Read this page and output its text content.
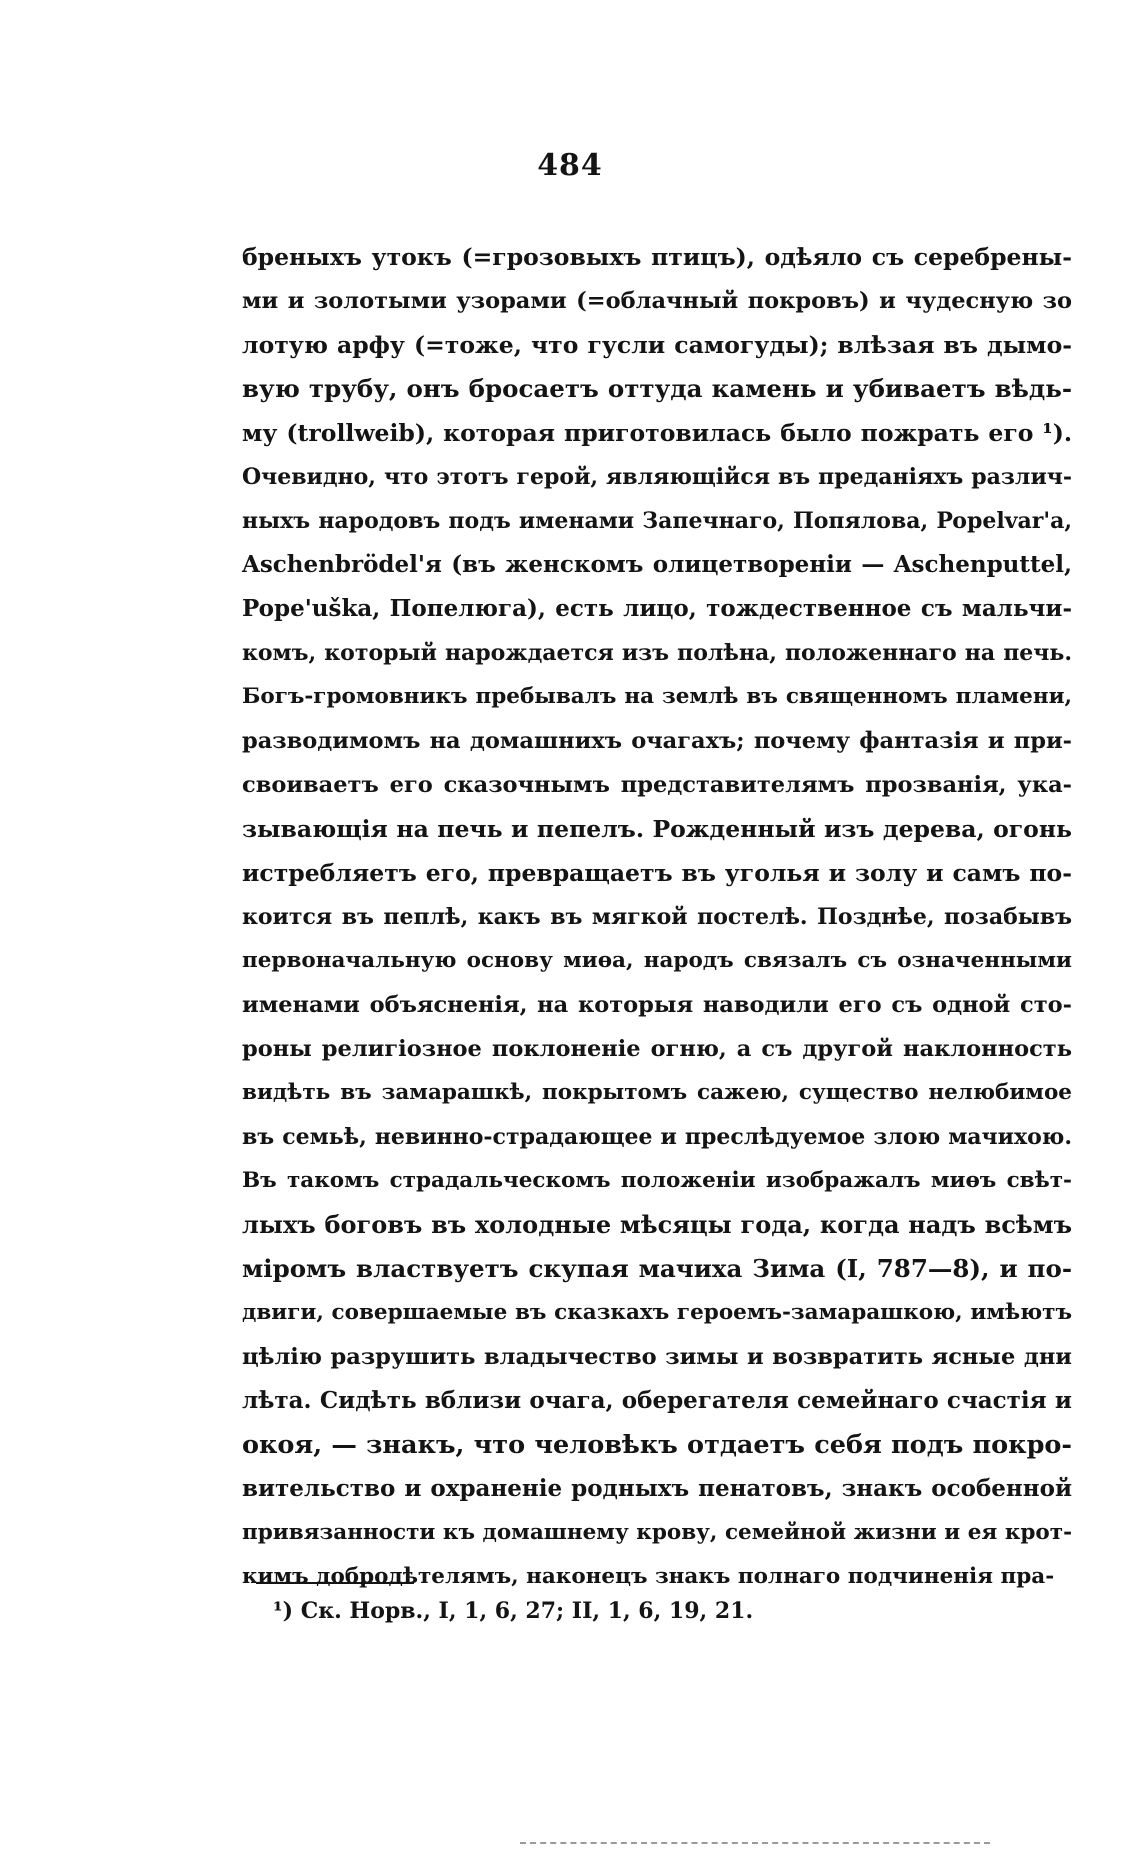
484
бреныхъ утокъ (=грозовыхъ птицъ), одѣяло съ серебрены-
ми и золотыми узорами (=облачный покровъ) и чудесную зо
лотую арфу (=тоже, что гусли самогуды); влѣзая въ дымо-
вую трубу, онъ бросаетъ оттуда камень и убиваетъ вѣдь-
му (trollweib), которая приготовилась было пожрать его ¹).
Очевидно, что этотъ герой, являющійся въ преданіяхъ различ-
ныхъ народовъ подъ именами Запечнаго, Попялова, Popelvar'a,
Aschenbrödel'я (въ женскомъ олицетвореніи — Aschenputtel,
Pope'uška, Попелюга), есть лицо, тождественное съ мальчи-
комъ, который нарождается изъ полѣна, положеннаго на печь.
Богъ-громовникъ пребывалъ на землѣ въ священномъ пламени,
разводимомъ на домашнихъ очагахъ; почему фантазія и при-
своиваетъ его сказочнымъ представителямъ прозванія, ука-
зывающія на печь и пепелъ. Рожденный изъ дерева, огонь
истребляетъ его, превращаетъ въ уголья и золу и самъ по-
коится въ пеплѣ, какъ въ мягкой постелѣ. Позднѣе, позабывъ
первоначальную основу миөа, народъ связалъ съ означенными
именами объясненія, на которыя наводили его съ одной сто-
роны религіозное поклоненіе огню, а съ другой наклонность
видѣть въ замарашкѣ, покрытомъ сажею, существо нелюбимое
въ семьѣ, невинно-страдающее и преслѣдуемое злою мачихою.
Въ такомъ страдальческомъ положеніи изображалъ миөъ свѣт-
лыхъ боговъ въ холодные мѣсяцы года, когда надъ всѣмъ
міромъ властвуетъ скупая мачиха Зима (I, 787—8), и по-
двиги, совершаемые въ сказкахъ героемъ-замарашкою, имѣютъ
цѣлію разрушить владычество зимы и возвратить ясные дни
лѣта. Сидѣть вблизи очага, оберегателя семейнаго счастія и
окоя, — знакъ, что человѣкъ отдаетъ себя подъ покро-
вительство и охраненіе родныхъ пенатовъ, знакъ особенной
привязанности къ домашнему крову, семейной жизни и ея крот-
кимъ добродѣтелямъ, наконецъ знакъ полнаго подчиненія пра-
¹) Ск. Норв., I, 1, 6, 27; II, 1, 6, 19, 21.
